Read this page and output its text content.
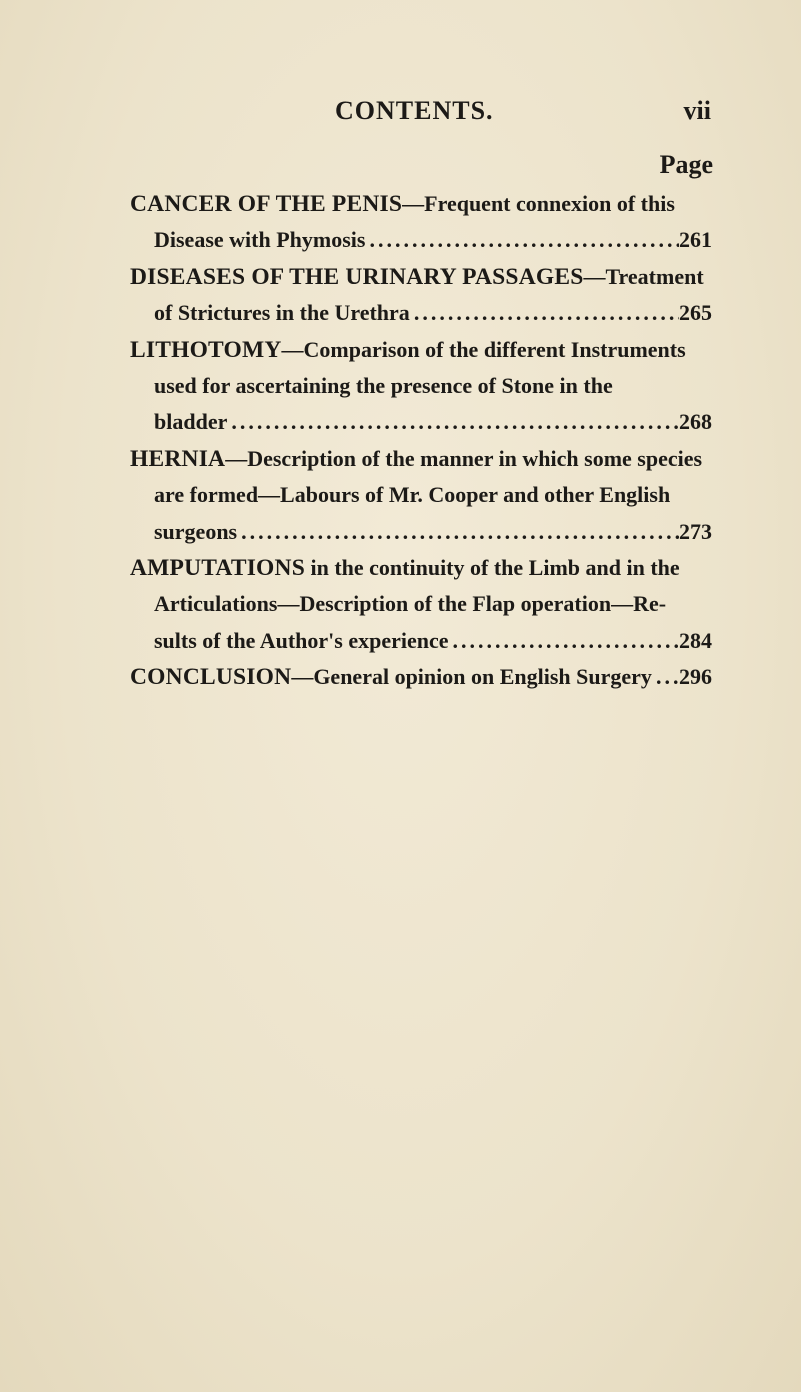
CONTENTS.	vii
Page
CANCER OF THE PENIS—Frequent connexion of this
Disease with Phymosis .....	261
DISEASES OF THE URINARY PASSAGES—Treatment
of Strictures in the Urethra .....	265
LITHOTOMY—Comparison of the different Instruments
used for ascertaining the presence of Stone in the
bladder .....	268
HERNIA—Description of the manner in which some species
are formed—Labours of Mr. Cooper and other English
surgeons .....	273
AMPUTATIONS in the continuity of the Limb and in the
Articulations—Description of the Flap operation—Re-
sults of the Author's experience .....	284
CONCLUSION—General opinion on English Surgery ..... 296
